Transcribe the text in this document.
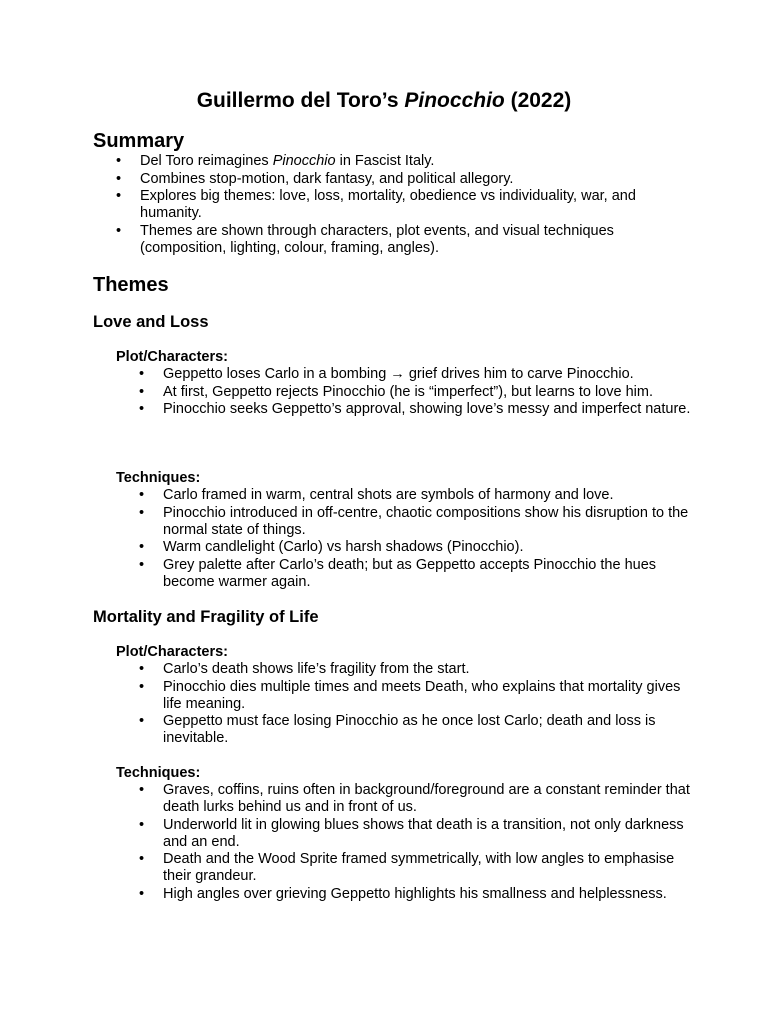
Guillermo del Toro’s Pinocchio (2022)
Summary
• Del Toro reimagines Pinocchio in Fascist Italy.
• Combines stop-motion, dark fantasy, and political allegory.
• Explores big themes: love, loss, mortality, obedience vs individuality, war, and humanity.
• Themes are shown through characters, plot events, and visual techniques (composition, lighting, colour, framing, angles).
Themes
Love and Loss
Plot/Characters:
• Geppetto loses Carlo in a bombing → grief drives him to carve Pinocchio.
• At first, Geppetto rejects Pinocchio (he is “imperfect”), but learns to love him.
• Pinocchio seeks Geppetto’s approval, showing love’s messy and imperfect nature.
Techniques:
• Carlo framed in warm, central shots are symbols of harmony and love.
• Pinocchio introduced in off-centre, chaotic compositions show his disruption to the normal state of things.
• Warm candlelight (Carlo) vs harsh shadows (Pinocchio).
• Grey palette after Carlo’s death; but as Geppetto accepts Pinocchio the hues become warmer again.
Mortality and Fragility of Life
Plot/Characters:
• Carlo’s death shows life’s fragility from the start.
• Pinocchio dies multiple times and meets Death, who explains that mortality gives life meaning.
• Geppetto must face losing Pinocchio as he once lost Carlo; death and loss is inevitable.
Techniques:
• Graves, coffins, ruins often in background/foreground are a constant reminder that death lurks behind us and in front of us.
• Underworld lit in glowing blues shows that death is a transition, not only darkness and an end.
• Death and the Wood Sprite framed symmetrically, with low angles to emphasise their grandeur.
• High angles over grieving Geppetto highlights his smallness and helplessness.
